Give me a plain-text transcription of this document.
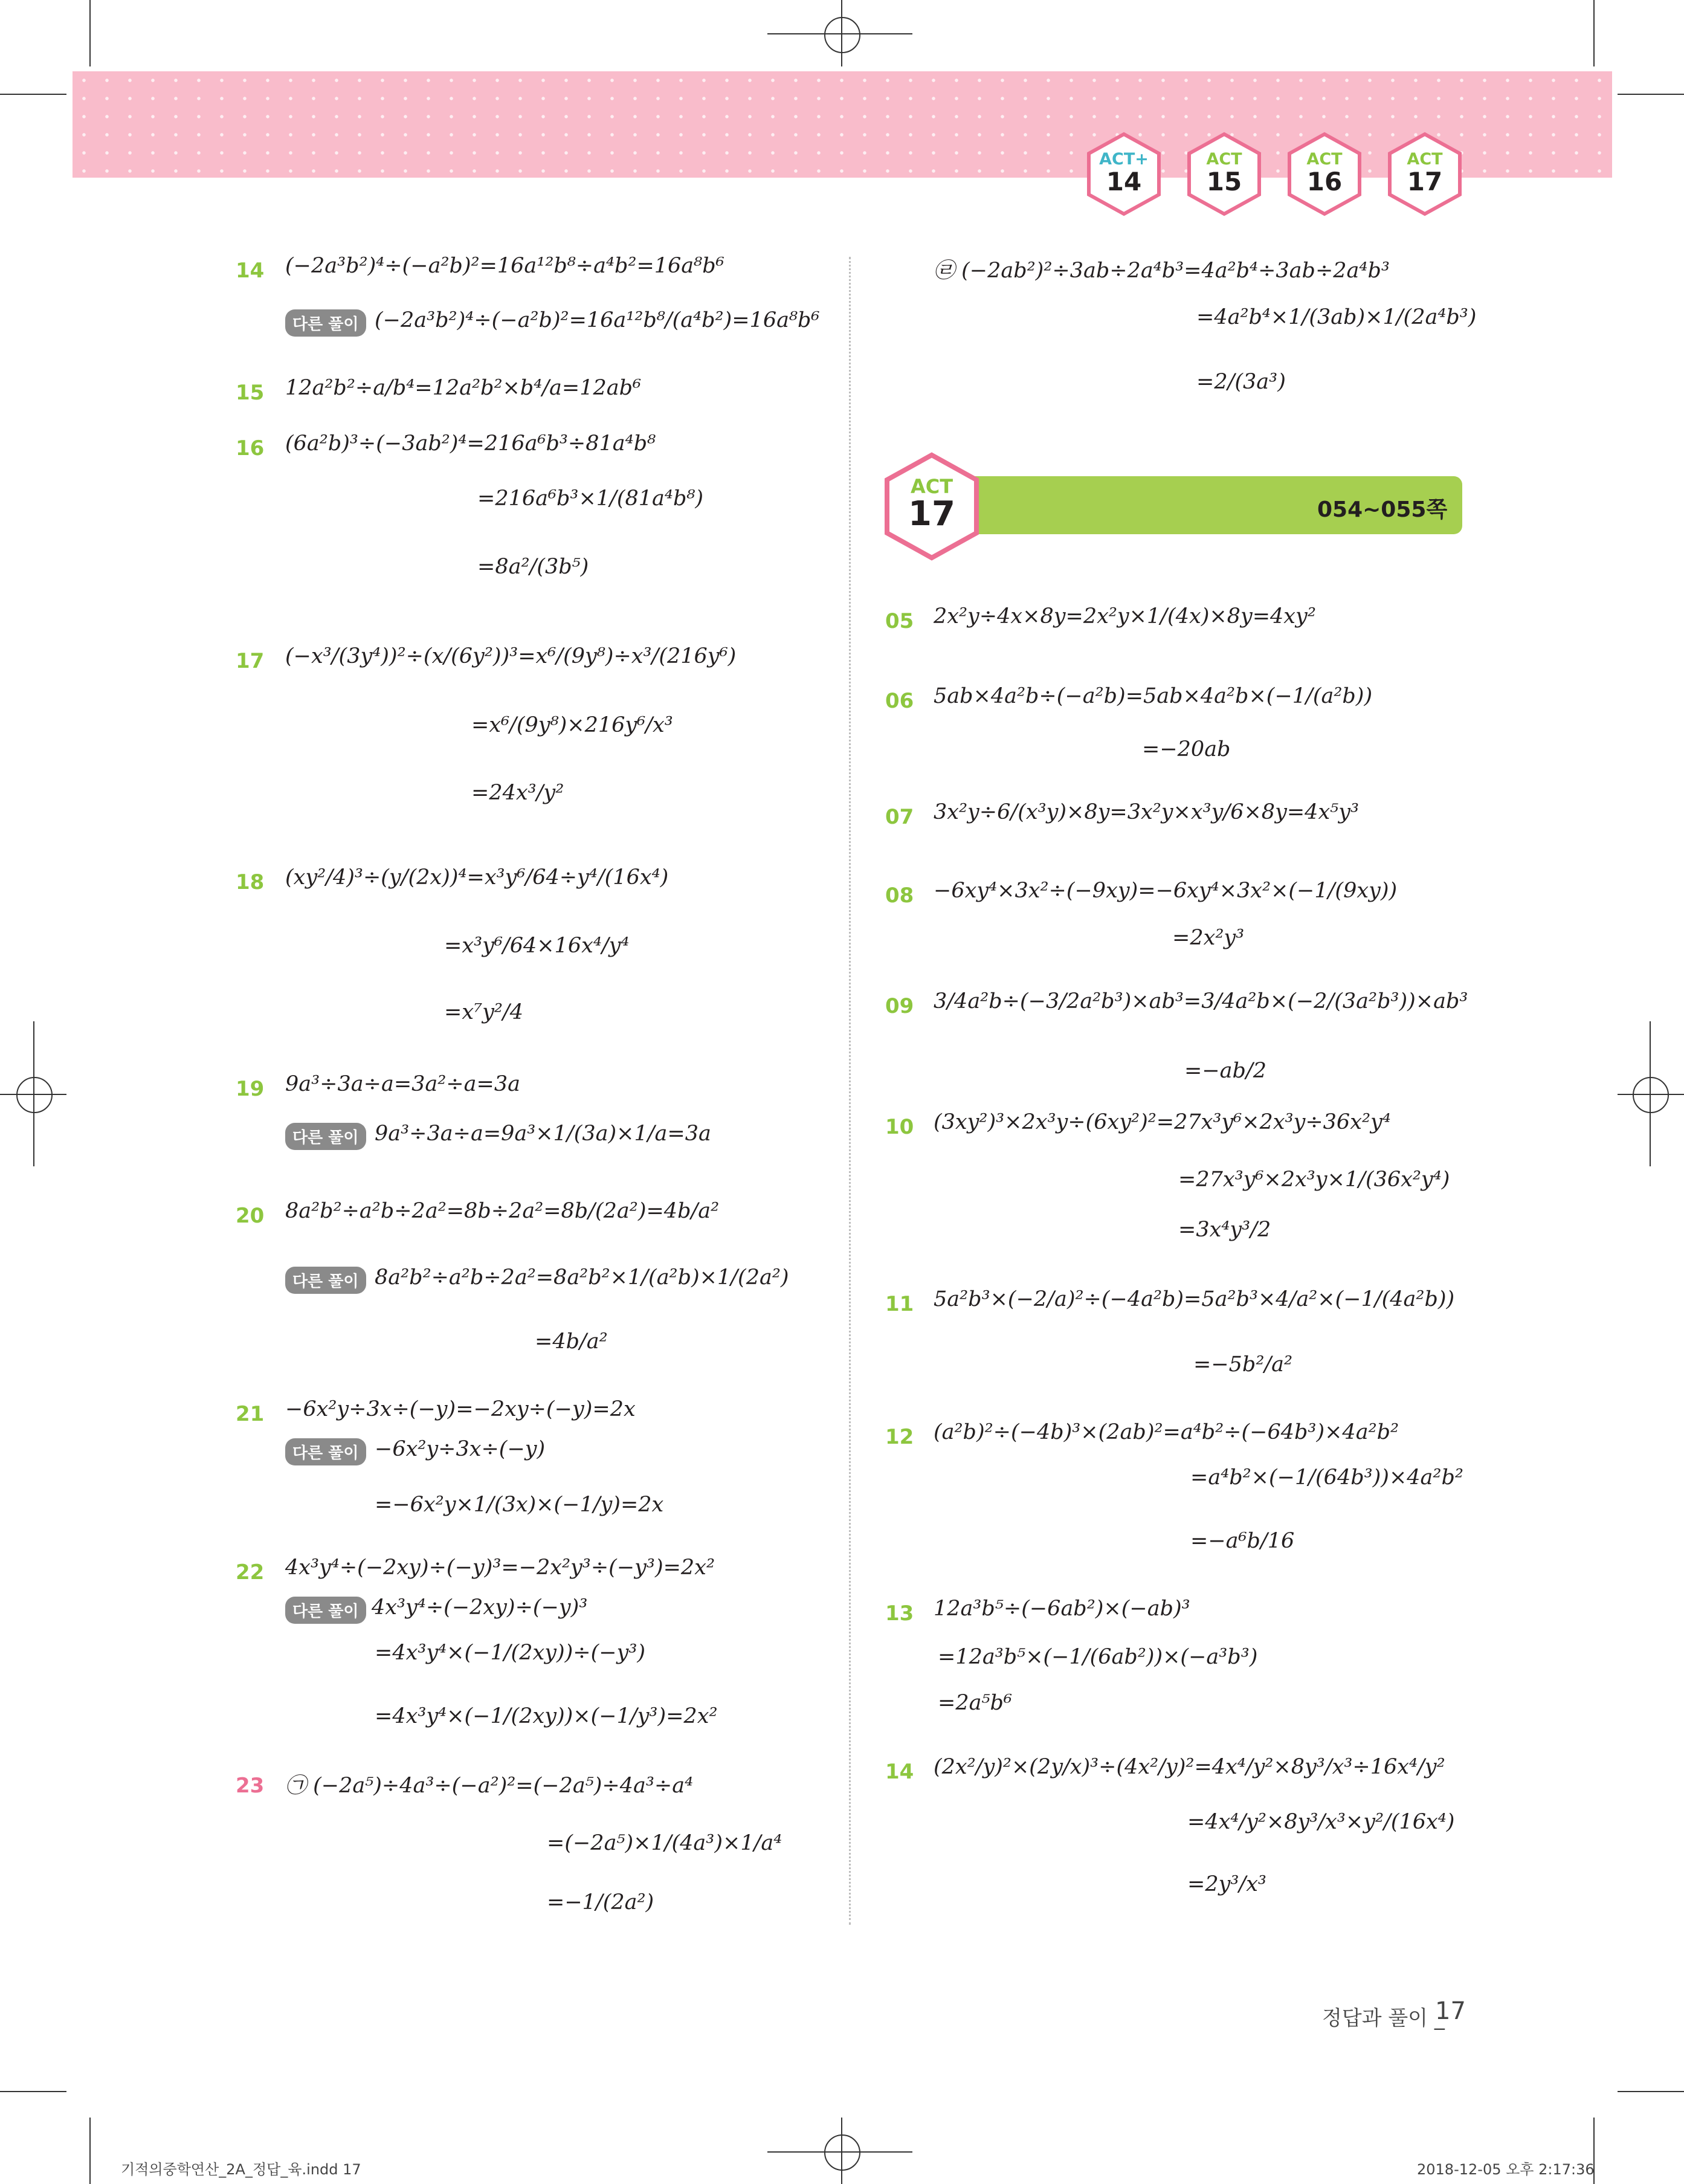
ACT+
14
ACT
15
ACT
16
ACT
17
14 (−2a³b²)⁴÷(−a²b)²=16a¹²b⁸÷a⁴b²=16a⁸b⁶
다른 풀이 (−2a³b²)⁴÷(−a²b)²=16a¹²b⁸/(a⁴b²)=16a⁸b⁶
15 12a²b²÷a/b⁴=12a²b²×b⁴/a=12ab⁶
16 (6a²b)³÷(−3ab²)⁴=216a⁶b³÷81a⁴b⁸
=216a⁶b³×1/(81a⁴b⁸)
=8a²/(3b⁵)
17 (−x³/(3y⁴))²÷(x/(6y²))³=x⁶/(9y⁸)÷x³/(216y⁶)
=x⁶/(9y⁸)×216y⁶/x³
=24x³/y²
18 (xy²/4)³÷(y/(2x))⁴=x³y⁶/64÷y⁴/(16x⁴)
=x³y⁶/64×16x⁴/y⁴
=x⁷y²/4
19 9a³÷3a÷a=3a²÷a=3a
다른 풀이 9a³÷3a÷a=9a³×1/(3a)×1/a=3a
20 8a²b²÷a²b÷2a²=8b÷2a²=8b/(2a²)=4b/a²
다른 풀이 8a²b²÷a²b÷2a²=8a²b²×1/(a²b)×1/(2a²)
=4b/a²
21 −6x²y÷3x÷(−y)=−2xy÷(−y)=2x
다른 풀이 −6x²y÷3x÷(−y)
=−6x²y×1/(3x)×(−1/y)=2x
22 4x³y⁴÷(−2xy)÷(−y)³=−2x²y³÷(−y³)=2x²
다른 풀이 4x³y⁴÷(−2xy)÷(−y)³
=4x³y⁴×(−1/(2xy))÷(−y³)
=4x³y⁴×(−1/(2xy))×(−1/y³)=2x²
23 ㉠ (−2a⁵)÷4a³÷(−a²)²=(−2a⁵)÷4a³÷a⁴
=(−2a⁵)×1/(4a³)×1/a⁴
=−1/(2a²)
㉣ (−2ab²)²÷3ab÷2a⁴b³=4a²b⁴÷3ab÷2a⁴b³
=4a²b⁴×1/(3ab)×1/(2a⁴b³)
=2/(3a³)
054~055쪽
ACT
17
05 2x²y÷4x×8y=2x²y×1/(4x)×8y=4xy²
06 5ab×4a²b÷(−a²b)=5ab×4a²b×(−1/(a²b))
=−20ab
07 3x²y÷6/(x³y)×8y=3x²y×x³y/6×8y=4x⁵y³
08 −6xy⁴×3x²÷(−9xy)=−6xy⁴×3x²×(−1/(9xy))
=2x²y³
09 3/4a²b÷(−3/2a²b³)×ab³=3/4a²b×(−2/(3a²b³))×ab³
=−ab/2
10 (3xy²)³×2x³y÷(6xy²)²=27x³y⁶×2x³y÷36x²y⁴
=27x³y⁶×2x³y×1/(36x²y⁴)
=3x⁴y³/2
11 5a²b³×(−2/a)²÷(−4a²b)=5a²b³×4/a²×(−1/(4a²b))
=−5b²/a²
12 (a²b)²÷(−4b)³×(2ab)²=a⁴b²÷(−64b³)×4a²b²
=a⁴b²×(−1/(64b³))×4a²b²
=−a⁶b/16
13 12a³b⁵÷(−6ab²)×(−ab)³
=12a³b⁵×(−1/(6ab²))×(−a³b³)
=2a⁵b⁶
14 (2x²/y)²×(2y/x)³÷(4x²/y)²=4x⁴/y²×8y³/x³÷16x⁴/y²
=4x⁴/y²×8y³/x³×y²/(16x⁴)
=2y³/x³
정답과 풀이 _
17
기적의중학연산_2A_정답_육.indd 17	2018-12-05 오후 2:17:36
